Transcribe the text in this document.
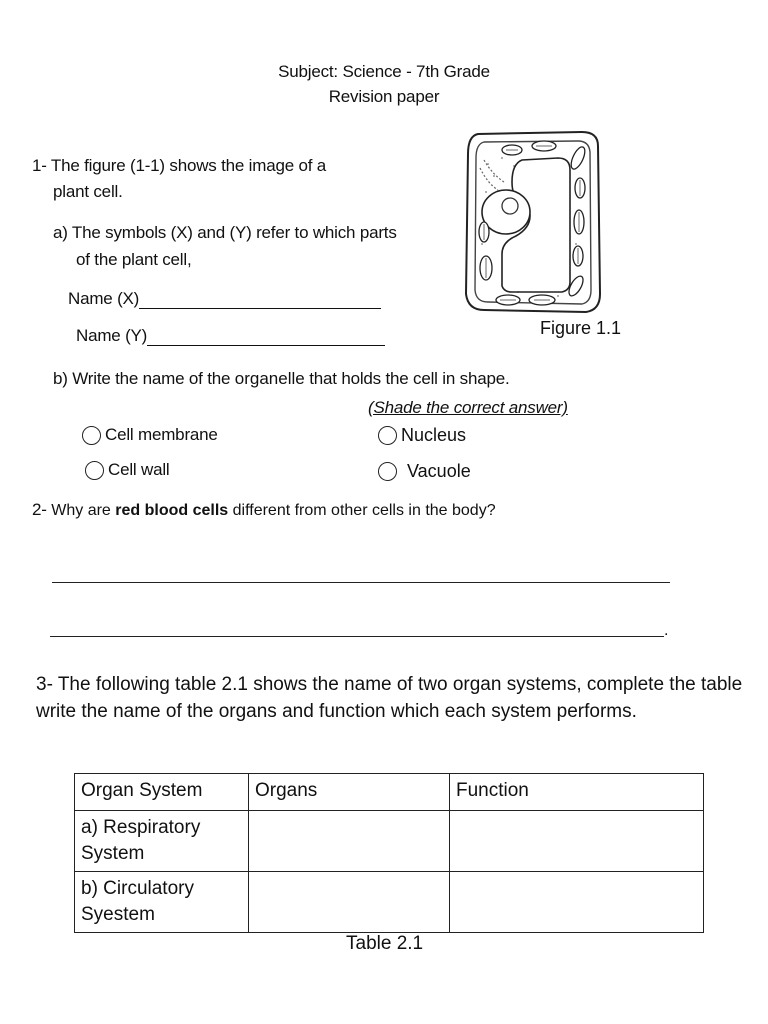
Subject: Science - 7th Grade
Revision paper
1- The figure (1-1) shows the image of a
plant cell.
a) The symbols (X) and (Y) refer to which parts
of the plant cell,
Name (X)
Name (Y)
b) Write the name of the organelle that holds the cell in shape.
(Shade the correct answer)
Cell membrane
Cell wall
Nucleus
Vacuole
Figure 1.1
2- Why are red blood cells different from other cells in the body?
.
3- The following table 2.1 shows the name of two organ systems, complete the table write the name of the organs and function which each system performs.
Organ System	Organs	Function
a) Respiratory System		
b) Circulatory Syestem		
Table 2.1
